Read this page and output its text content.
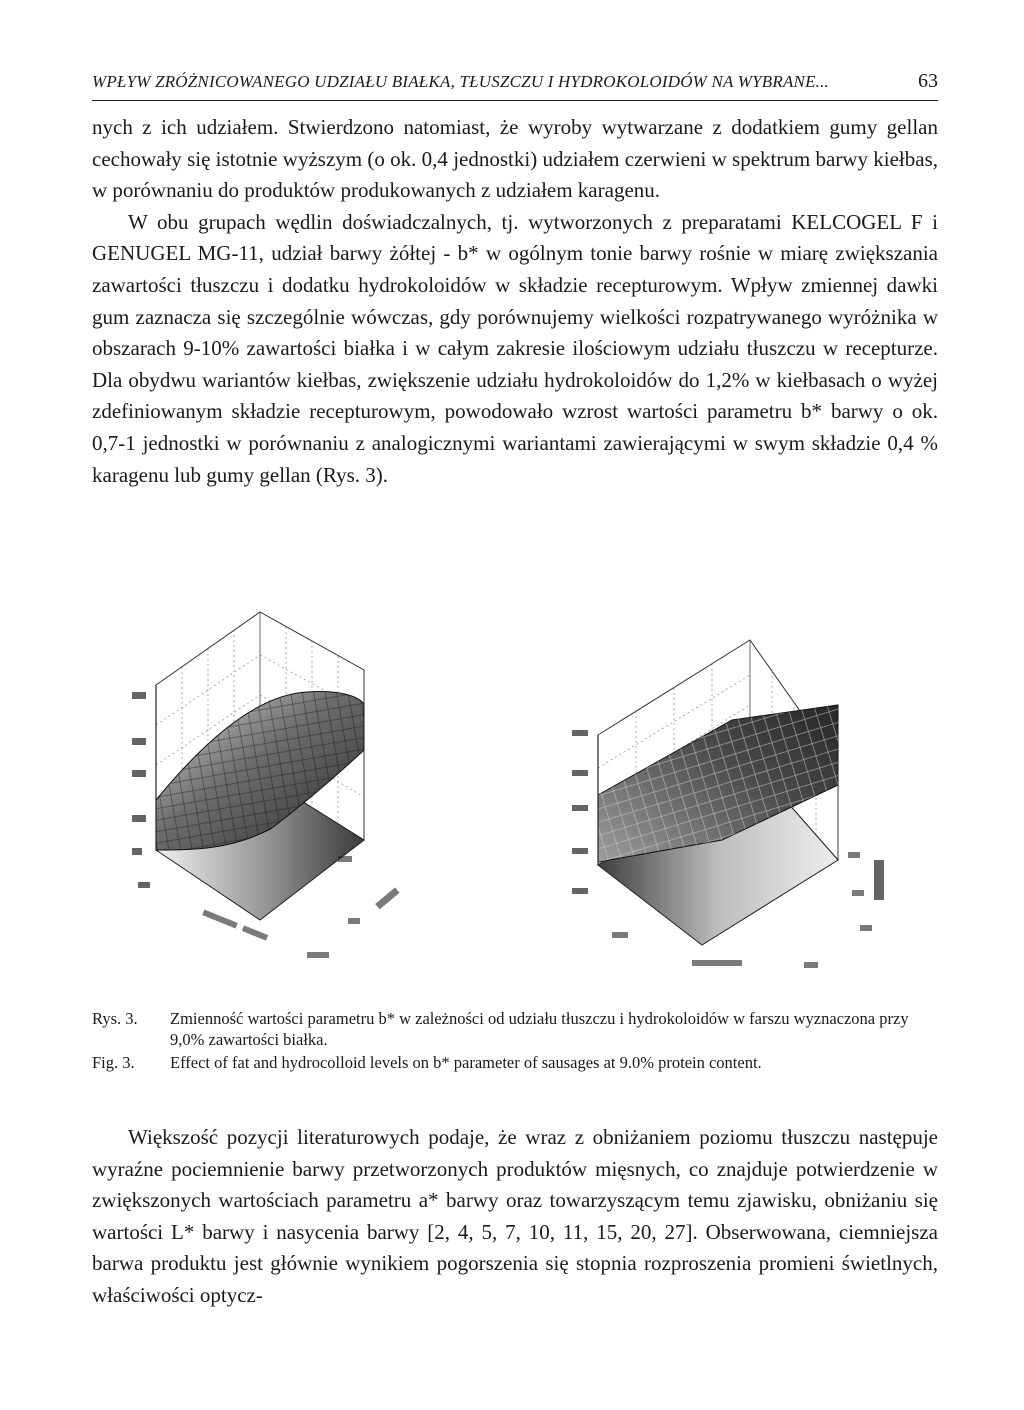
WPŁYW ZRÓŻNICOWANEGO UDZIAŁU BIAŁKA, TŁUSZCZU I HYDROKOLOIDÓW NA WYBRANE...	63

nych z ich udziałem. Stwierdzono natomiast, że wyroby wytwarzane z dodatkiem gumy gellan cechowały się istotnie wyższym (o ok. 0,4 jednostki) udziałem czerwieni w spektrum barwy kiełbas, w porównaniu do produktów produkowanych z udziałem karagenu.

W obu grupach wędlin doświadczalnych, tj. wytworzonych z preparatami KELCOGEL F i GENUGEL MG-11, udział barwy żółtej - b* w ogólnym tonie barwy rośnie w miarę zwiększania zawartości tłuszczu i dodatku hydrokoloidów w składzie recepturowym. Wpływ zmiennej dawki gum zaznacza się szczególnie wówczas, gdy porównujemy wielkości rozpatrywanego wyróżnika w obszarach 9-10% zawartości białka i w całym zakresie ilościowym udziału tłuszczu w recepturze. Dla obydwu wariantów kiełbas, zwiększenie udziału hydrokoloidów do 1,2% w kiełbasach o wyżej zdefiniowanym składzie recepturowym, powodowało wzrost wartości parametru b* barwy o ok. 0,7-1 jednostki w porównaniu z analogicznymi wariantami zawierającymi w swym składzie 0,4 % karagenu lub gumy gellan (Rys. 3).

Rys. 3. Zmienność wartości parametru b* w zależności od udziału tłuszczu i hydrokoloidów w farszu wyznaczona przy 9,0% zawartości białka.
Fig. 3. Effect of fat and hydrocolloid levels on b* parameter of sausages at 9.0% protein content.

Większość pozycji literaturowych podaje, że wraz z obniżaniem poziomu tłuszczu następuje wyraźne pociemnienie barwy przetworzonych produktów mięsnych, co znajduje potwierdzenie w zwiększonych wartościach parametru a* barwy oraz towarzyszącym temu zjawisku, obniżaniu się wartości L* barwy i nasycenia barwy [2, 4, 5, 7, 10, 11, 15, 20, 27]. Obserwowana, ciemniejsza barwa produktu jest głównie wynikiem pogorszenia się stopnia rozproszenia promieni świetlnych, właściwości optycz-
